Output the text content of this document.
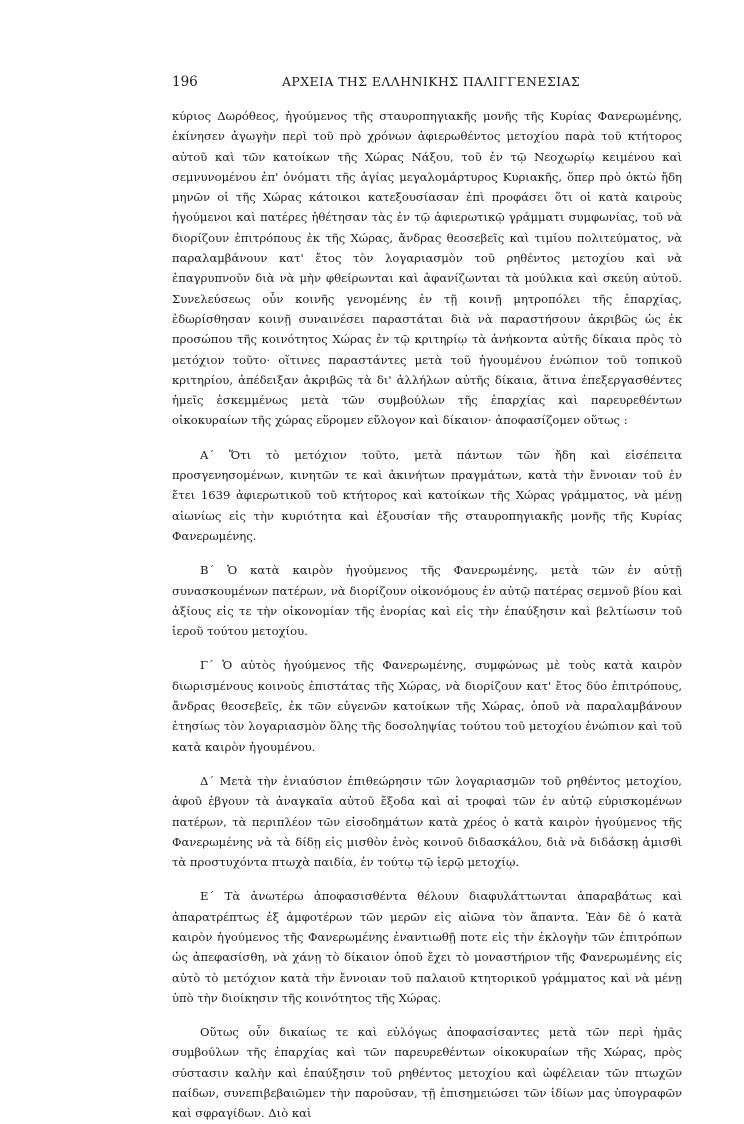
196	ΑΡΧΕΙΑ ΤΗΣ ΕΛΛΗΝΙΚΗΣ ΠΑΛΙΓΓΕΝΕΣΙΑΣ

κύριος Δωρόθεος, ἡγούμενος τῆς σταυροπηγιακῆς μονῆς τῆς Κυρίας Φανερωμένης, ἐκίνησεν ἀγωγὴν περὶ τοῦ πρὸ χρόνων ἀφιερωθέντος μετοχίου παρὰ τοῦ κτήτορος αὐτοῦ καὶ τῶν κατοίκων τῆς Χώρας Νάξου, τοῦ ἐν τῷ Νεοχωρίῳ κειμένου καὶ σεμνυνομένου ἐπ' ὀνόματι τῆς ἁγίας μεγαλομάρτυρος Κυριακῆς, ὅπερ πρὸ ὀκτὼ ἤδη μηνῶν οἱ τῆς Χώρας κάτοικοι κατεξουσίασαν ἐπὶ προφάσει ὅτι οἱ κατὰ καιροὺς ἡγούμενοι καὶ πατέρες ἠθέτησαν τὰς ἐν τῷ ἀφιερωτικῷ γράμματι συμφωνίας, τοῦ νὰ διορίζουν ἐπιτρόπους ἐκ τῆς Χώρας, ἄνδρας θεοσεβεῖς καὶ τιμίου πολιτεύματος, νὰ παραλαμβάνουν κατ' ἔτος τὸν λογαριασμὸν τοῦ ρηθέντος μετοχίου καὶ νὰ ἐπαγρυπνοῦν διὰ νὰ μὴν φθείρωνται καὶ ἀφανίζωνται τὰ μούλκια καὶ σκεύη αὐτοῦ. Συνελεύσεως οὖν κοινῆς γενομένης ἐν τῇ κοινῇ μητροπόλει τῆς ἐπαρχίας, ἐδωρίσθησαν κοινῇ συναινέσει παραστάται διὰ νὰ παραστήσουν ἀκριβῶς ὡς ἐκ προσώπου τῆς κοινότητος Χώρας ἐν τῷ κριτηρίῳ τὰ ἀνήκοντα αὐτῆς δίκαια πρὸς τὸ μετόχιον τοῦτο· οἵτινες παραστάντες μετὰ τοῦ ἡγουμένου ἐνώπιον τοῦ τοπικοῦ κριτηρίου, ἀπέδειξαν ἀκριβῶς τὰ δι' ἀλλήλων αὐτῆς δίκαια, ἅτινα ἐπεξεργασθέντες ἡμεῖς ἐσκεμμένως μετὰ τῶν συμβούλων τῆς ἐπαρχίας καὶ παρευρεθέντων οἰκοκυραίων τῆς χώρας εὕρομεν εὔλογον καὶ δίκαιον· ἀποφασίζομεν οὕτως :

Α΄ Ὅτι τὸ μετόχιον τοῦτο, μετὰ πάντων τῶν ἤδη καὶ εἰσέπειτα προσγενησομένων, κινητῶν τε καὶ ἀκινήτων πραγμάτων, κατὰ τὴν ἔννοιαν τοῦ ἐν ἔτει 1639 ἀφιερωτικοῦ τοῦ κτήτορος καὶ κατοίκων τῆς Χώρας γράμματος, νὰ μένῃ αἰωνίως εἰς τὴν κυριότητα καὶ ἐξουσίαν τῆς σταυροπηγιακῆς μονῆς τῆς Κυρίας Φανερωμένης.

Β΄ Ὁ κατὰ καιρὸν ἡγούμενος τῆς Φανερωμένης, μετὰ τῶν ἐν αὐτῇ συνασκουμένων πατέρων, νὰ διορίζουν οἰκονόμους ἐν αὐτῷ πατέρας σεμνοῦ βίου καὶ ἀξίους εἰς τε τὴν οἰκονομίαν τῆς ἐνορίας καὶ εἰς τὴν ἐπαύξησιν καὶ βελτίωσιν τοῦ ἱεροῦ τούτου μετοχίου.

Γ΄ Ὁ αὐτὸς ἡγούμενος τῆς Φανερωμένης, συμφώνως μὲ τοὺς κατὰ καιρὸν διωρισμένους κοινοὺς ἐπιστάτας τῆς Χώρας, νὰ διορίζουν κατ' ἔτος δύο ἐπιτρόπους, ἄνδρας θεοσεβεῖς, ἐκ τῶν εὐγενῶν κατοίκων τῆς Χώρας, ὁποῦ νὰ παραλαμβάνουν ἐτησίως τὸν λογαριασμὸν ὅλης τῆς δοσοληψίας τούτου τοῦ μετοχίου ἐνώπιον καὶ τοῦ κατὰ καιρὸν ἡγουμένου.

Δ΄ Μετὰ τὴν ἐνιαύσιον ἐπιθεώρησιν τῶν λογαριασμῶν τοῦ ρηθέντος μετοχίου, ἀφοῦ ἐβγουν τὰ ἀναγκαῖα αὐτοῦ ἔξοδα καὶ αἱ τροφαὶ τῶν ἐν αὐτῷ εὑρισκομένων πατέρων, τὰ περιπλέον τῶν εἰσοδημάτων κατὰ χρέος ὁ κατὰ καιρὸν ἡγούμενος τῆς Φανερωμένης νὰ τὰ δίδῃ εἰς μισθὸν ἑνὸς κοινοῦ διδασκάλου, διὰ νὰ διδάσκῃ ἀμισθὶ τὰ προστυχόντα πτωχὰ παιδία, ἐν τούτῳ τῷ ἱερῷ μετοχίῳ.

Ε΄ Τὰ ἀνωτέρω ἀποφασισθέντα θέλουν διαφυλάττωνται ἀπαραβάτως καὶ ἀπαρατρέπτως ἐξ ἀμφοτέρων τῶν μερῶν εἰς αἰῶνα τὸν ἅπαντα. Ἐὰν δὲ ὁ κατὰ καιρὸν ἡγούμενος τῆς Φανερωμένης ἐναντιωθῇ ποτε εἰς τὴν ἐκλογὴν τῶν ἐπιτρόπων ὡς ἀπεφασίσθη, νὰ χάνῃ τὸ δίκαιον ὁποῦ ἔχει τὸ μοναστήριον τῆς Φανερωμένης εἰς αὐτὸ τὸ μετόχιον κατὰ τὴν ἔννοιαν τοῦ παλαιοῦ κτητορικοῦ γράμματος καὶ νὰ μένῃ ὑπὸ τὴν διοίκησιν τῆς κοινότητος τῆς Χώρας.

Οὕτως οὖν δικαίως τε καὶ εὐλόγως ἀποφασίσαντες μετὰ τῶν περὶ ἡμᾶς συμβούλων τῆς ἐπαρχίας καὶ τῶν παρευρεθέντων οἰκοκυραίων τῆς Χώρας, πρὸς σύστασιν καλὴν καὶ ἐπαύξησιν τοῦ ρηθέντος μετοχίου καὶ ὠφέλειαν τῶν πτωχῶν παίδων, συνεπιβεβαιῶμεν τὴν παροῦσαν, τῇ ἐπισημειώσει τῶν ἰδίων μας ὑπογραφῶν καὶ σφραγίδων. Διὸ καὶ
